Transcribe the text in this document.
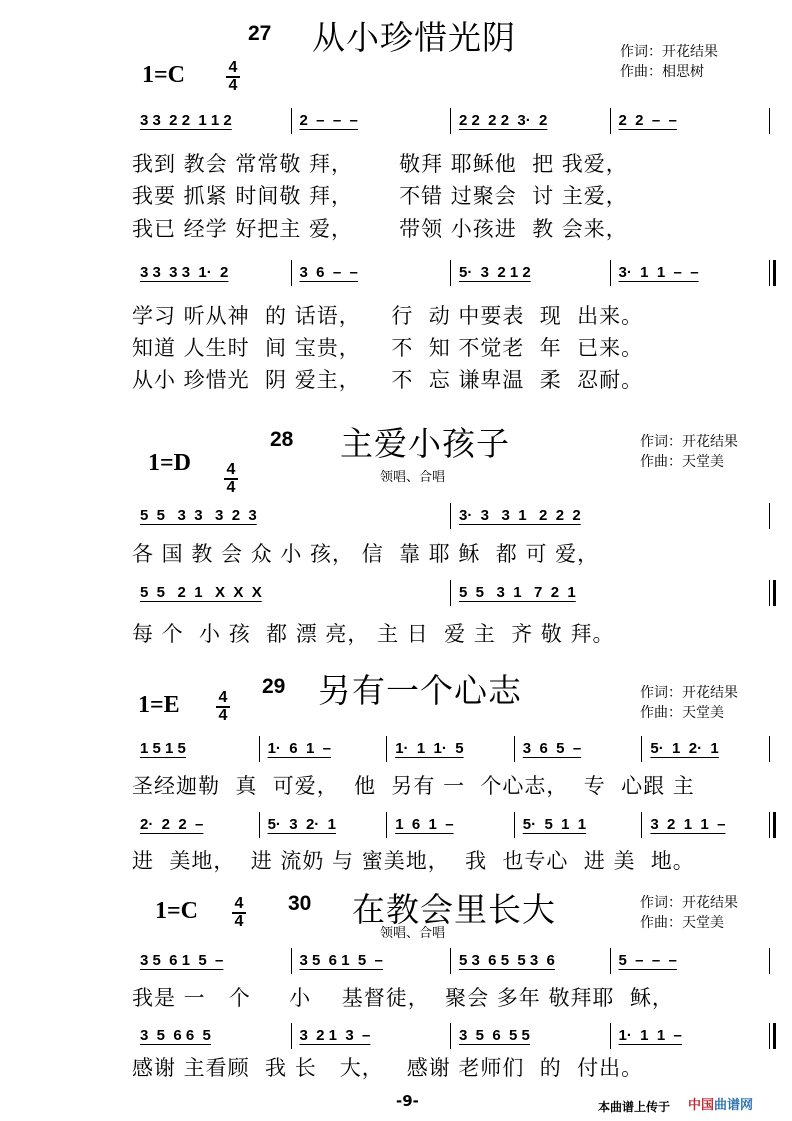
-9-	本曲谱上传于 中国曲谱网
27 从小珍惜光阴	作词：开花结果
作曲：相思树
1=C	$\frac{4}{4}$
3 3  2 2  1 1 2	2  –  –  –	2 2  2 2  3·  2	2  2  –  –
我到 教会 常常敬 拜，      敬拜 耶稣他  把 我爱，
我要 抓紧 时间敬 拜，      不错 过聚会  讨 主爱，
我已 经学 好把主 爱，      带领 小孩进  教 会来，
3 3  3 3  1·  2	3  6  –  –	5·  3  2 1 2	3·  1  1  –  –
学习 听从神  的 话语，    行  动 中要表  现  出来。
知道 人生时  间 宝贵，    不  知 不觉老  年  已来。
从小 珍惜光  阴 爱主，    不  忘 谦卑温  柔  忍耐。
28 主爱小孩子	作词：开花结果
作曲：天堂美
$1=D \frac{4}{4}$	领唱、合唱
5  5   3  3   3  2  3	3·  3   3  1   2  2  2
各 国 教 会 众 小 孩， 信  靠 耶 稣  都 可 爱，
5  5   2  1   X  X  X	5  5   3  1   7  2  1
每 个  小 孩  都 漂 亮， 主 日  爱 主  齐 敬 拜。
29 另有一个心志	作词：开花结果
作曲：天堂美
$1=E \frac{4}{4}$
1 5 1 5	1·  6  1  –	1·  1  1·  5	3  6  5  –	5·  1  2·  1
圣经迦勒  真  可爱，  他  另有 一  个心志，  专  心跟 主
2·  2  2  –	5·  3  2·  1	1  6  1  –	5·  5  1  1	3  2  1  1  –
进  美地，  进 流奶 与 蜜美地，  我  也专心  进 美  地。
30 在教会里长大	作词：开花结果
作曲：天堂美
$1=C \frac{4}{4}$
领唱、合唱
3 5  6 1  5  –	3 5  6 1  5  –	5 3  6 5  5 3  6	5  –  –  –
我是 一   个     小    基督徒，  聚会 多年 敬拜耶  稣，
3  5  6 6  5	3  2 1  3  –	3  5  6  5 5	1·  1  1  –
感谢 主看顾  我 长   大，   感谢 老师们  的  付出。
